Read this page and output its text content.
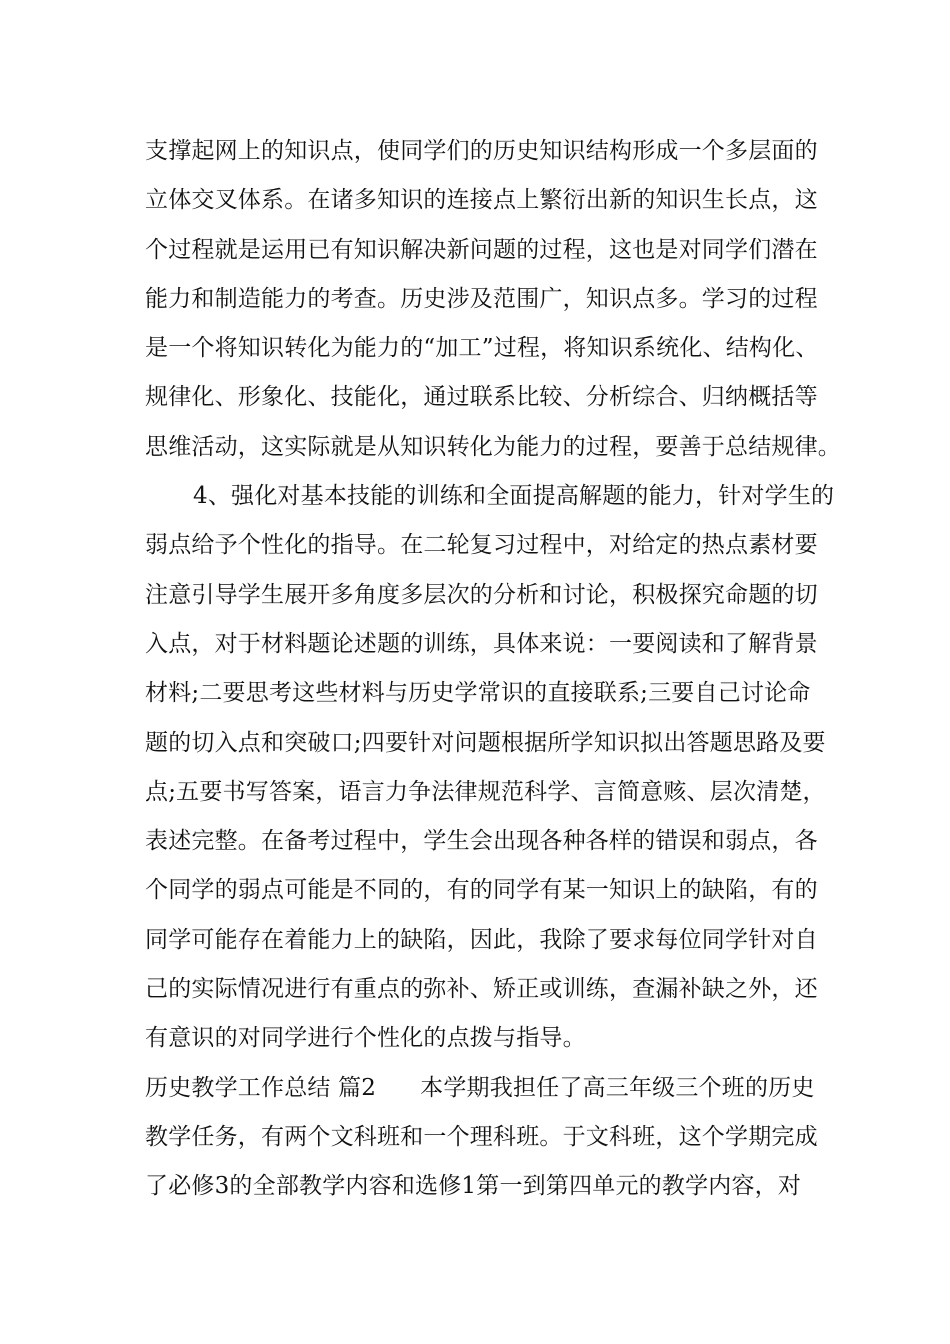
支撑起网上的知识点，使同学们的历史知识结构形成一个多层面的
立体交叉体系。在诸多知识的连接点上繁衍出新的知识生长点，这
个过程就是运用已有知识解决新问题的过程，这也是对同学们潜在
能力和制造能力的考查。历史涉及范围广，知识点多。学习的过程
是一个将知识转化为能力的“加工”过程，将知识系统化、结构化、
规律化、形象化、技能化，通过联系比较、分析综合、归纳概括等
思维活动，这实际就是从知识转化为能力的过程，要善于总结规律。
4、强化对基本技能的训练和全面提高解题的能力，针对学生的
弱点给予个性化的指导。在二轮复习过程中，对给定的热点素材要
注意引导学生展开多角度多层次的分析和讨论，积极探究命题的切
入点，对于材料题论述题的训练，具体来说：一要阅读和了解背景
材料;二要思考这些材料与历史学常识的直接联系;三要自己讨论命
题的切入点和突破口;四要针对问题根据所学知识拟出答题思路及要
点;五要书写答案，语言力争法律规范科学、言简意赅、层次清楚，
表述完整。在备考过程中，学生会出现各种各样的错误和弱点，各
个同学的弱点可能是不同的，有的同学有某一知识上的缺陷，有的
同学可能存在着能力上的缺陷，因此，我除了要求每位同学针对自
己的实际情况进行有重点的弥补、矫正或训练，查漏补缺之外，还
有意识的对同学进行个性化的点拨与指导。
历史教学工作总结 篇2 本学期我担任了高三年级三个班的历史
教学任务，有两个文科班和一个理科班。于文科班，这个学期完成
了必修3的全部教学内容和选修1第一到第四单元的教学内容，对
